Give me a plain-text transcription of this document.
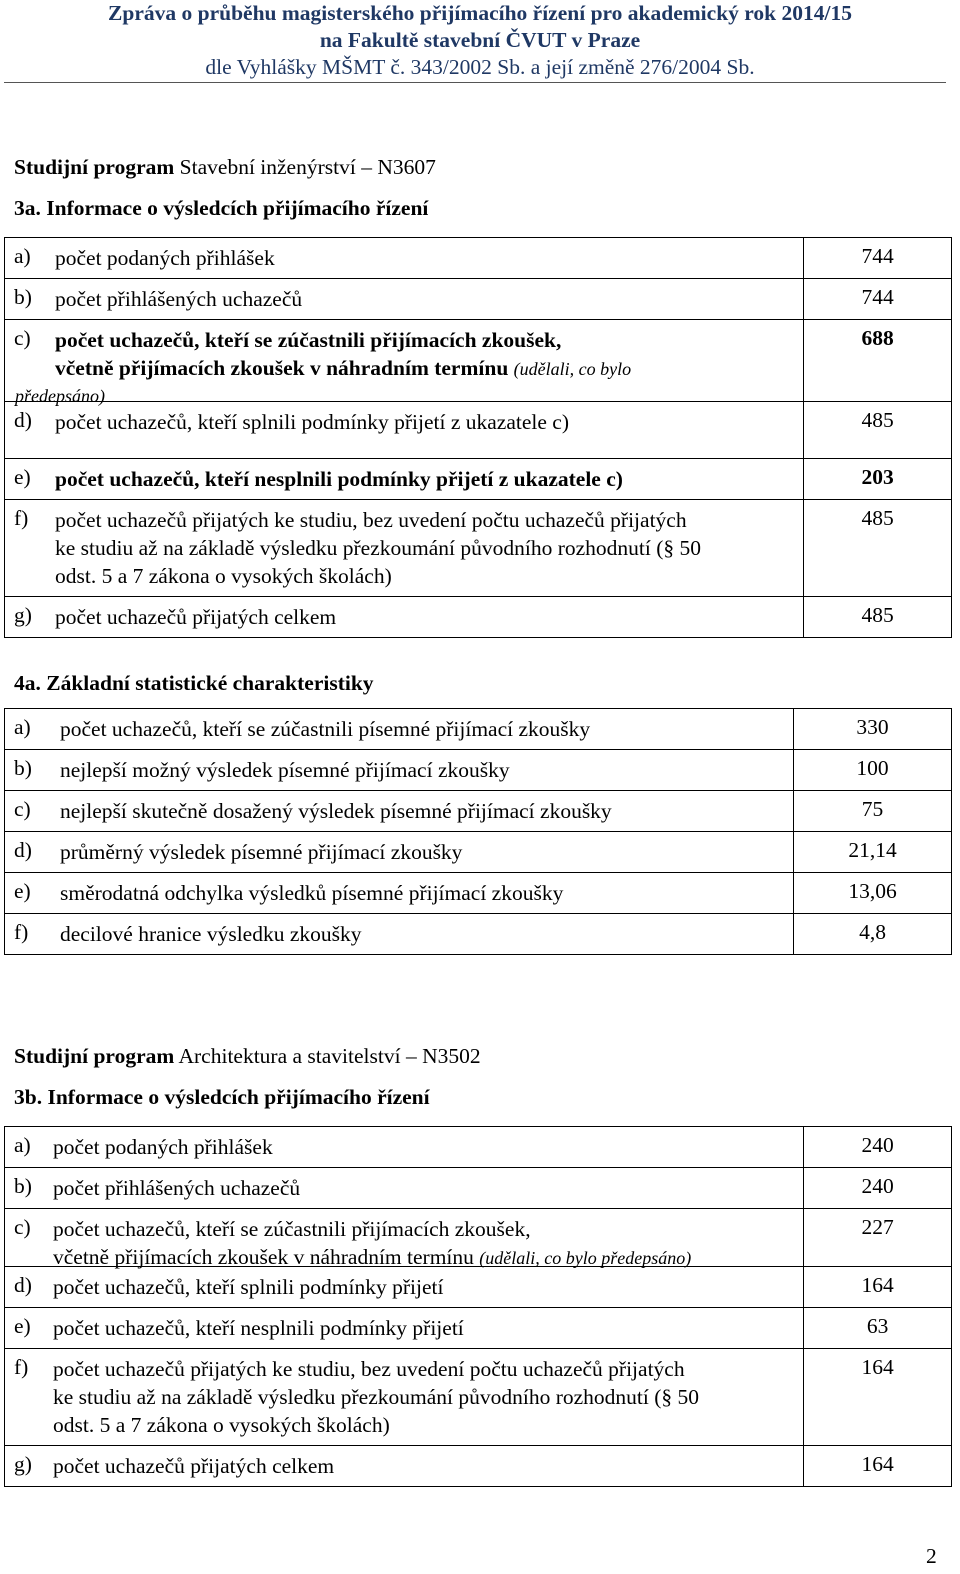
Zpráva o průběhu magisterského přijímacího řízení pro akademický rok 2014/15
na Fakultě stavební ČVUT v Praze
dle Vyhlášky MŠMT č. 343/2002 Sb. a její změně 276/2004 Sb.
Studijní program Stavební inženýrství – N3607
3a. Informace o výsledcích přijímacího řízení
a) počet podaných přihlášek	744

b) počet přihlášených uchazečů	744

c) počet uchazečů, kteří se zúčastnili přijímacích zkoušek,
včetně přijímacích zkoušek v náhradním termínu (udělali, co bylo
předepsáno)	688

d) počet uchazečů, kteří splnili podmínky přijetí z ukazatele c)	485

e) počet uchazečů, kteří nesplnili podmínky přijetí z ukazatele c)	203

f) počet uchazečů přijatých ke studiu, bez uvedení počtu uchazečů přijatých
ke studiu až na základě výsledku přezkoumání původního rozhodnutí (§ 50
odst. 5 a 7 zákona o vysokých školách)	485

g) počet uchazečů přijatých celkem	485
4a. Základní statistické charakteristiky
a) počet uchazečů, kteří se zúčastnili písemné přijímací zkoušky	330

b) nejlepší možný výsledek písemné přijímací zkoušky	100

c) nejlepší skutečně dosažený výsledek písemné přijímací zkoušky	75

d) průměrný výsledek písemné přijímací zkoušky	21,14

e) směrodatná odchylka výsledků písemné přijímací zkoušky	13,06

f) decilové hranice výsledku zkoušky	4,8
Studijní program Architektura a stavitelství – N3502
3b. Informace o výsledcích přijímacího řízení
a) počet podaných přihlášek	240

b) počet přihlášených uchazečů	240

c) počet uchazečů, kteří se zúčastnili přijímacích zkoušek,
včetně přijímacích zkoušek v náhradním termínu (udělali, co bylo předepsáno)	227

d) počet uchazečů, kteří splnili podmínky přijetí	164

e) počet uchazečů, kteří nesplnili podmínky přijetí	63

f) počet uchazečů přijatých ke studiu, bez uvedení počtu uchazečů přijatých
ke studiu až na základě výsledku přezkoumání původního rozhodnutí (§ 50
odst. 5 a 7 zákona o vysokých školách)	164

g) počet uchazečů přijatých celkem	164
2
